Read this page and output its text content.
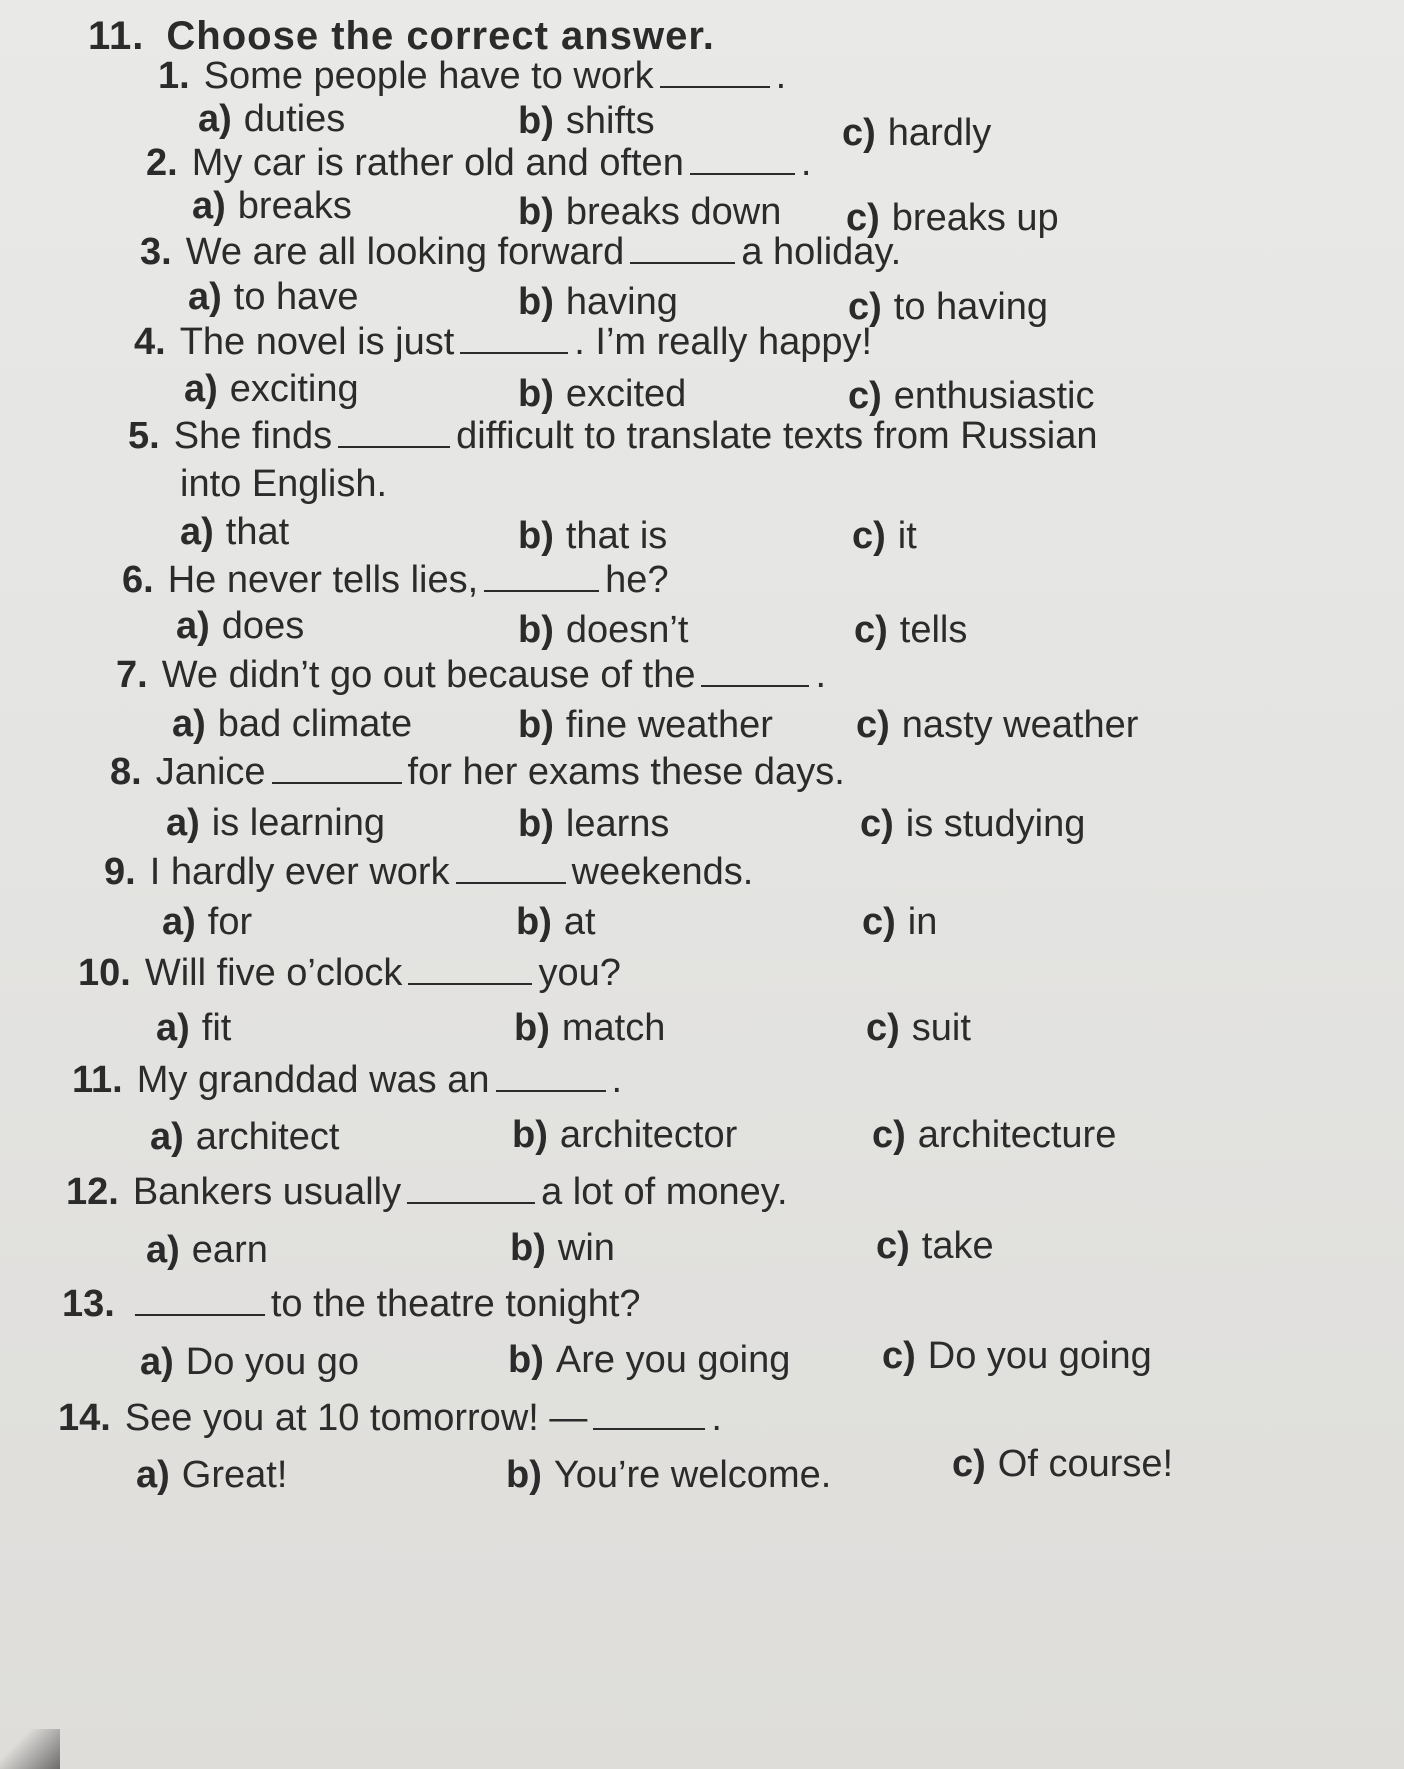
11. Choose the correct answer.
1. Some people have to work	.
a) duties	b) shifts	c) hardly
2. My car is rather old and often	.
a) breaks	b) breaks down c) breaks up
3. We are all looking forward	a holiday.
a) to have	b) having	c) to having
4. The novel is just	. I’m really happy!
a) exciting	b) excited	c) enthusiastic
5. She finds	difficult to translate texts from Russian
into English.
a) that	b) that is	c) it
6. He never tells lies,	he?
a) does	b) doesn’t	c) tells
7. We didn’t go out because of the	.
a) bad climate	b) fine weather c) nasty weather
8. Janice	for her exams these days.
a) is learning	b) learns	c) is studying
9. I hardly ever work	weekends.
a) for	b) at	c) in
10. Will five o’clock	you?
a) fit	b) match	c) suit
11. My granddad was an	.
a) architect	b) architector	c) architecture
12. Bankers usually	a lot of money.
a) earn	b) win	c) take
13.	to the theatre tonight?
a) Do you go	b) Are you going c) Do you going
14. See you at 10 tomorrow! —	.
a) Great!	b) You’re welcome.	c) Of course!
